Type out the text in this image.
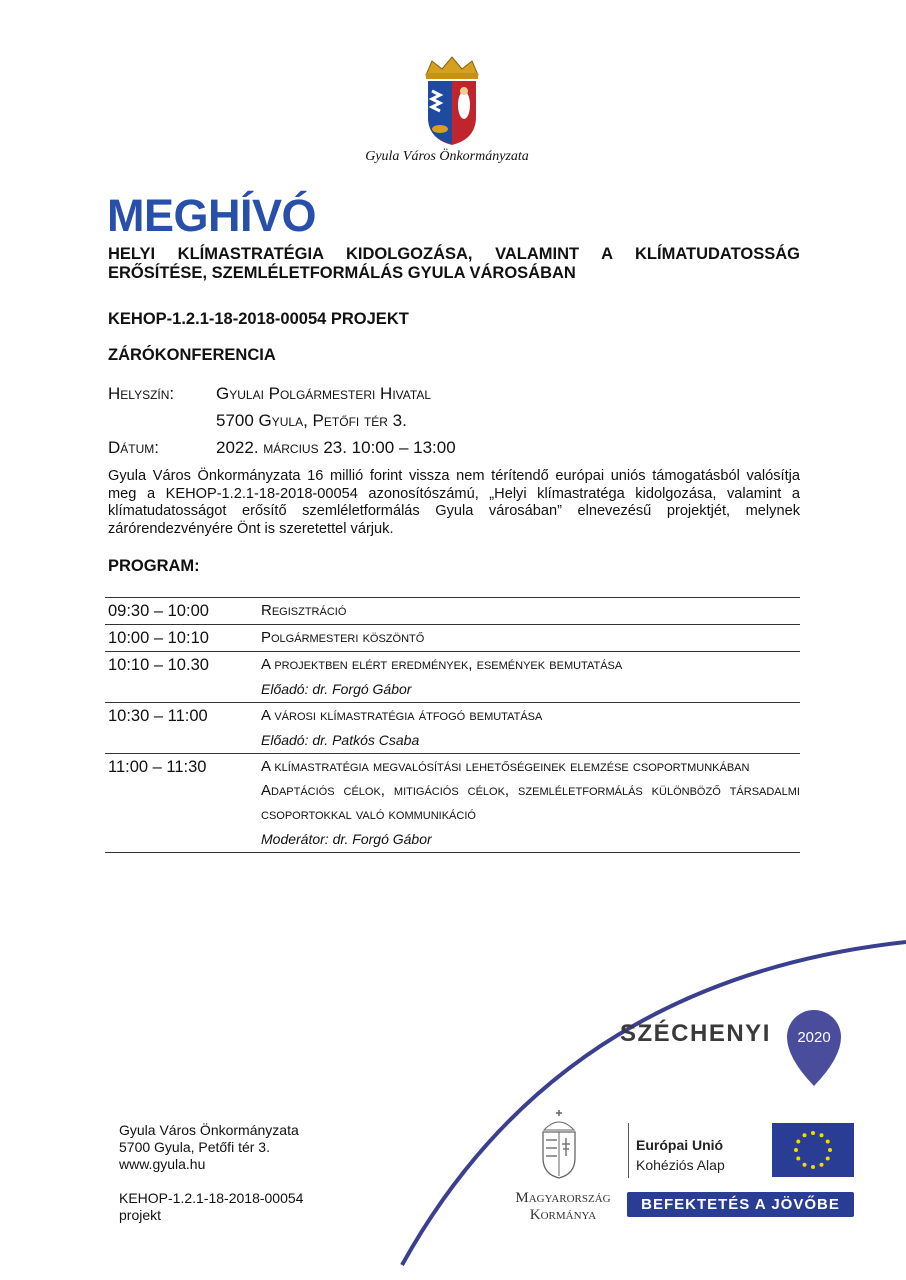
Gyula Város Önkormányzata
MEGHÍVÓ
HELYI KLÍMASTRATÉGIA KIDOLGOZÁSA, VALAMINT A KLÍMATUDATOSSÁG ERŐSÍTÉSE, SZEMLÉLETFORMÁLÁS GYULA VÁROSÁBAN
KEHOP-1.2.1-18-2018-00054 PROJEKT
ZÁRÓKONFERENCIA
Helyszín: Gyulai Polgármesteri Hivatal
5700 Gyula, Petőfi tér 3.
Dátum:	2022. március 23. 10:00 – 13:00
Gyula Város Önkormányzata 16 millió forint vissza nem térítendő európai uniós támogatásból valósítja meg a KEHOP-1.2.1-18-2018-00054 azonosítószámú, „Helyi klímastratéga kidolgozása, valamint a klímatudatosságot erősítő szemléletformálás Gyula városában” elnevezésű projektjét, melynek zárórendezvényére Önt is szeretettel várjuk.
PROGRAM:
09:30 – 10:00	Regisztráció
10:00 – 10:10	Polgármesteri köszöntő
10:10 – 10.30	A projektben elért eredmények, események bemutatása
Előadó: dr. Forgó Gábor

10:30 – 11:00	A városi klímastratégia átfogó bemutatása
Előadó: dr. Patkós Csaba

11:00 – 11:30	A klímastratégia megvalósítási lehetőségeinek elemzése csoportmunkában
Adaptációs célok, mitigációs célok, szemléletformálás különböző társadalmi csoportokkal való kommunikáció
Moderátor: dr. Forgó Gábor
Gyula Város Önkormányzata
5700 Gyula, Petőfi tér 3.
www.gyula.hu
KEHOP-1.2.1-18-2018-00054
projekt
SZÉCHENYI 2020
Magyarország
Kormánya
Európai Unió
Kohéziós Alap
BEFEKTETÉS A JÖVŐBE
